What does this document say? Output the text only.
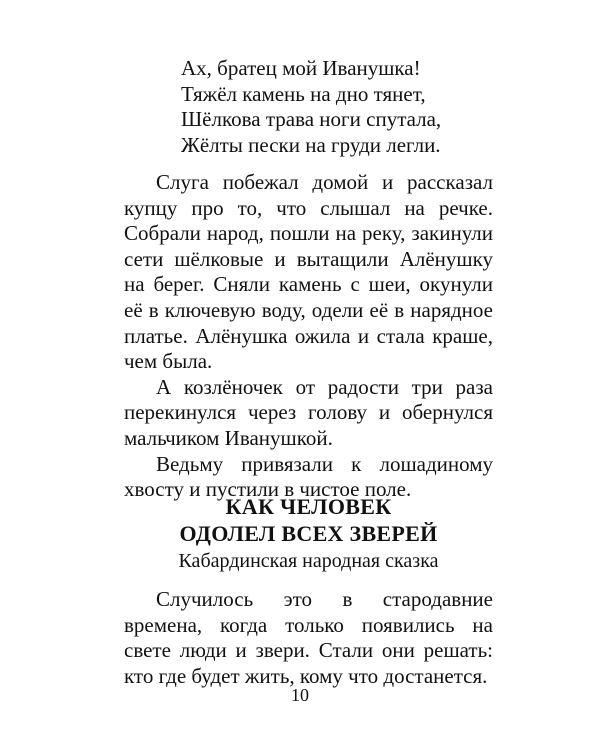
Ах, братец мой Иванушка!
Тяжёл камень на дно тянет,
Шёлкова трава ноги спутала,
Жёлты пески на груди легли.

Слуга побежал домой и рассказал купцу про то, что слышал на речке. Собрали народ, пошли на реку, закинули сети шёлковые и вытащили Алёнушку на берег. Сняли камень с шеи, окунули её в ключевую воду, одели её в нарядное платье. Алёнушка ожила и стала краше, чем была.

А козлёночек от радости три раза перекинулся через голову и обернулся мальчиком Иванушкой.

Ведьму привязали к лошадиному хвосту и пустили в чистое поле.

КАК ЧЕЛОВЕК
ОДОЛЕЛ ВСЕХ ЗВЕРЕЙ
Кабардинская народная сказка

Случилось это в стародавние времена, когда только появились на свете люди и звери. Стали они решать: кто где будет жить, кому что достанется.

10
